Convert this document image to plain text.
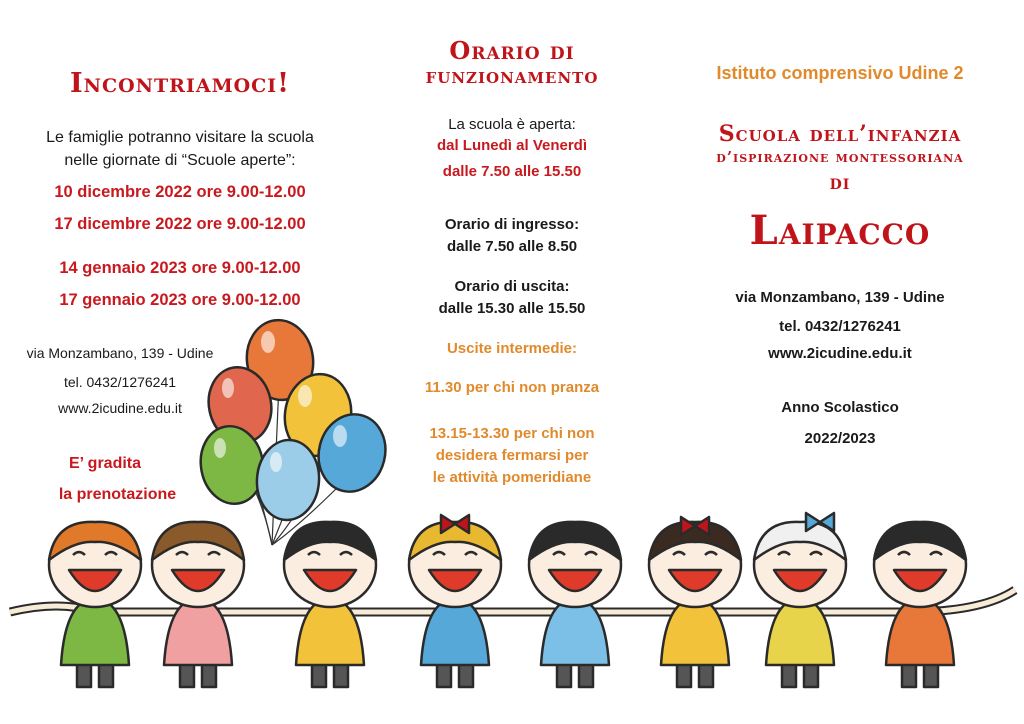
Incontriamoci!
Le famiglie potranno visitare la scuola
nelle giornate di “Scuole aperte”:
10 dicembre 2022 ore 9.00-12.00
17 dicembre 2022 ore 9.00-12.00
14 gennaio 2023 ore 9.00-12.00
17 gennaio 2023 ore 9.00-12.00
via Monzambano, 139 - Udine
tel. 0432/1276241
www.2icudine.edu.it
E’ gradita
la prenotazione
Orario di
funzionamento
La scuola è aperta:
dal Lunedì al Venerdì
dalle 7.50 alle 15.50
Orario di ingresso:
dalle 7.50 alle 8.50
Orario di uscita:
dalle 15.30 alle 15.50
Uscite intermedie:
11.30 per chi non pranza
13.15-13.30 per chi non
desidera fermarsi per
le attività pomeridiane
Istituto comprensivo Udine 2
Scuola dell’infanzia
d’ispirazione montessoriana
di
Laipacco
via Monzambano, 139 - Udine
tel. 0432/1276241
www.2icudine.edu.it
Anno Scolastico
2022/2023
